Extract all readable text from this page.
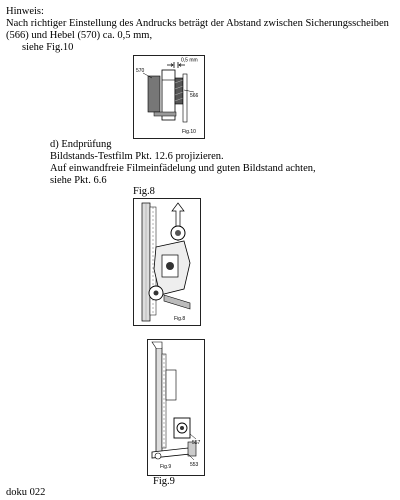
Hinweis:
Nach richtiger Einstellung des Andrucks beträgt der Abstand zwischen Sicherungsscheiben
(566) und Hebel (570) ca. 0,5 mm,
siehe Fig.10
0,5 mm
570
566
Fig.10
d) Endprüfung
Bildstands-Testfilm Pkt. 12.6 projizieren.
Auf einwandfreie Filmeinfädelung und guten Bildstand achten,
siehe Pkt. 6.6
Fig.8
Fig.8
557
553
Fig.9
Fig.9
doku 022
